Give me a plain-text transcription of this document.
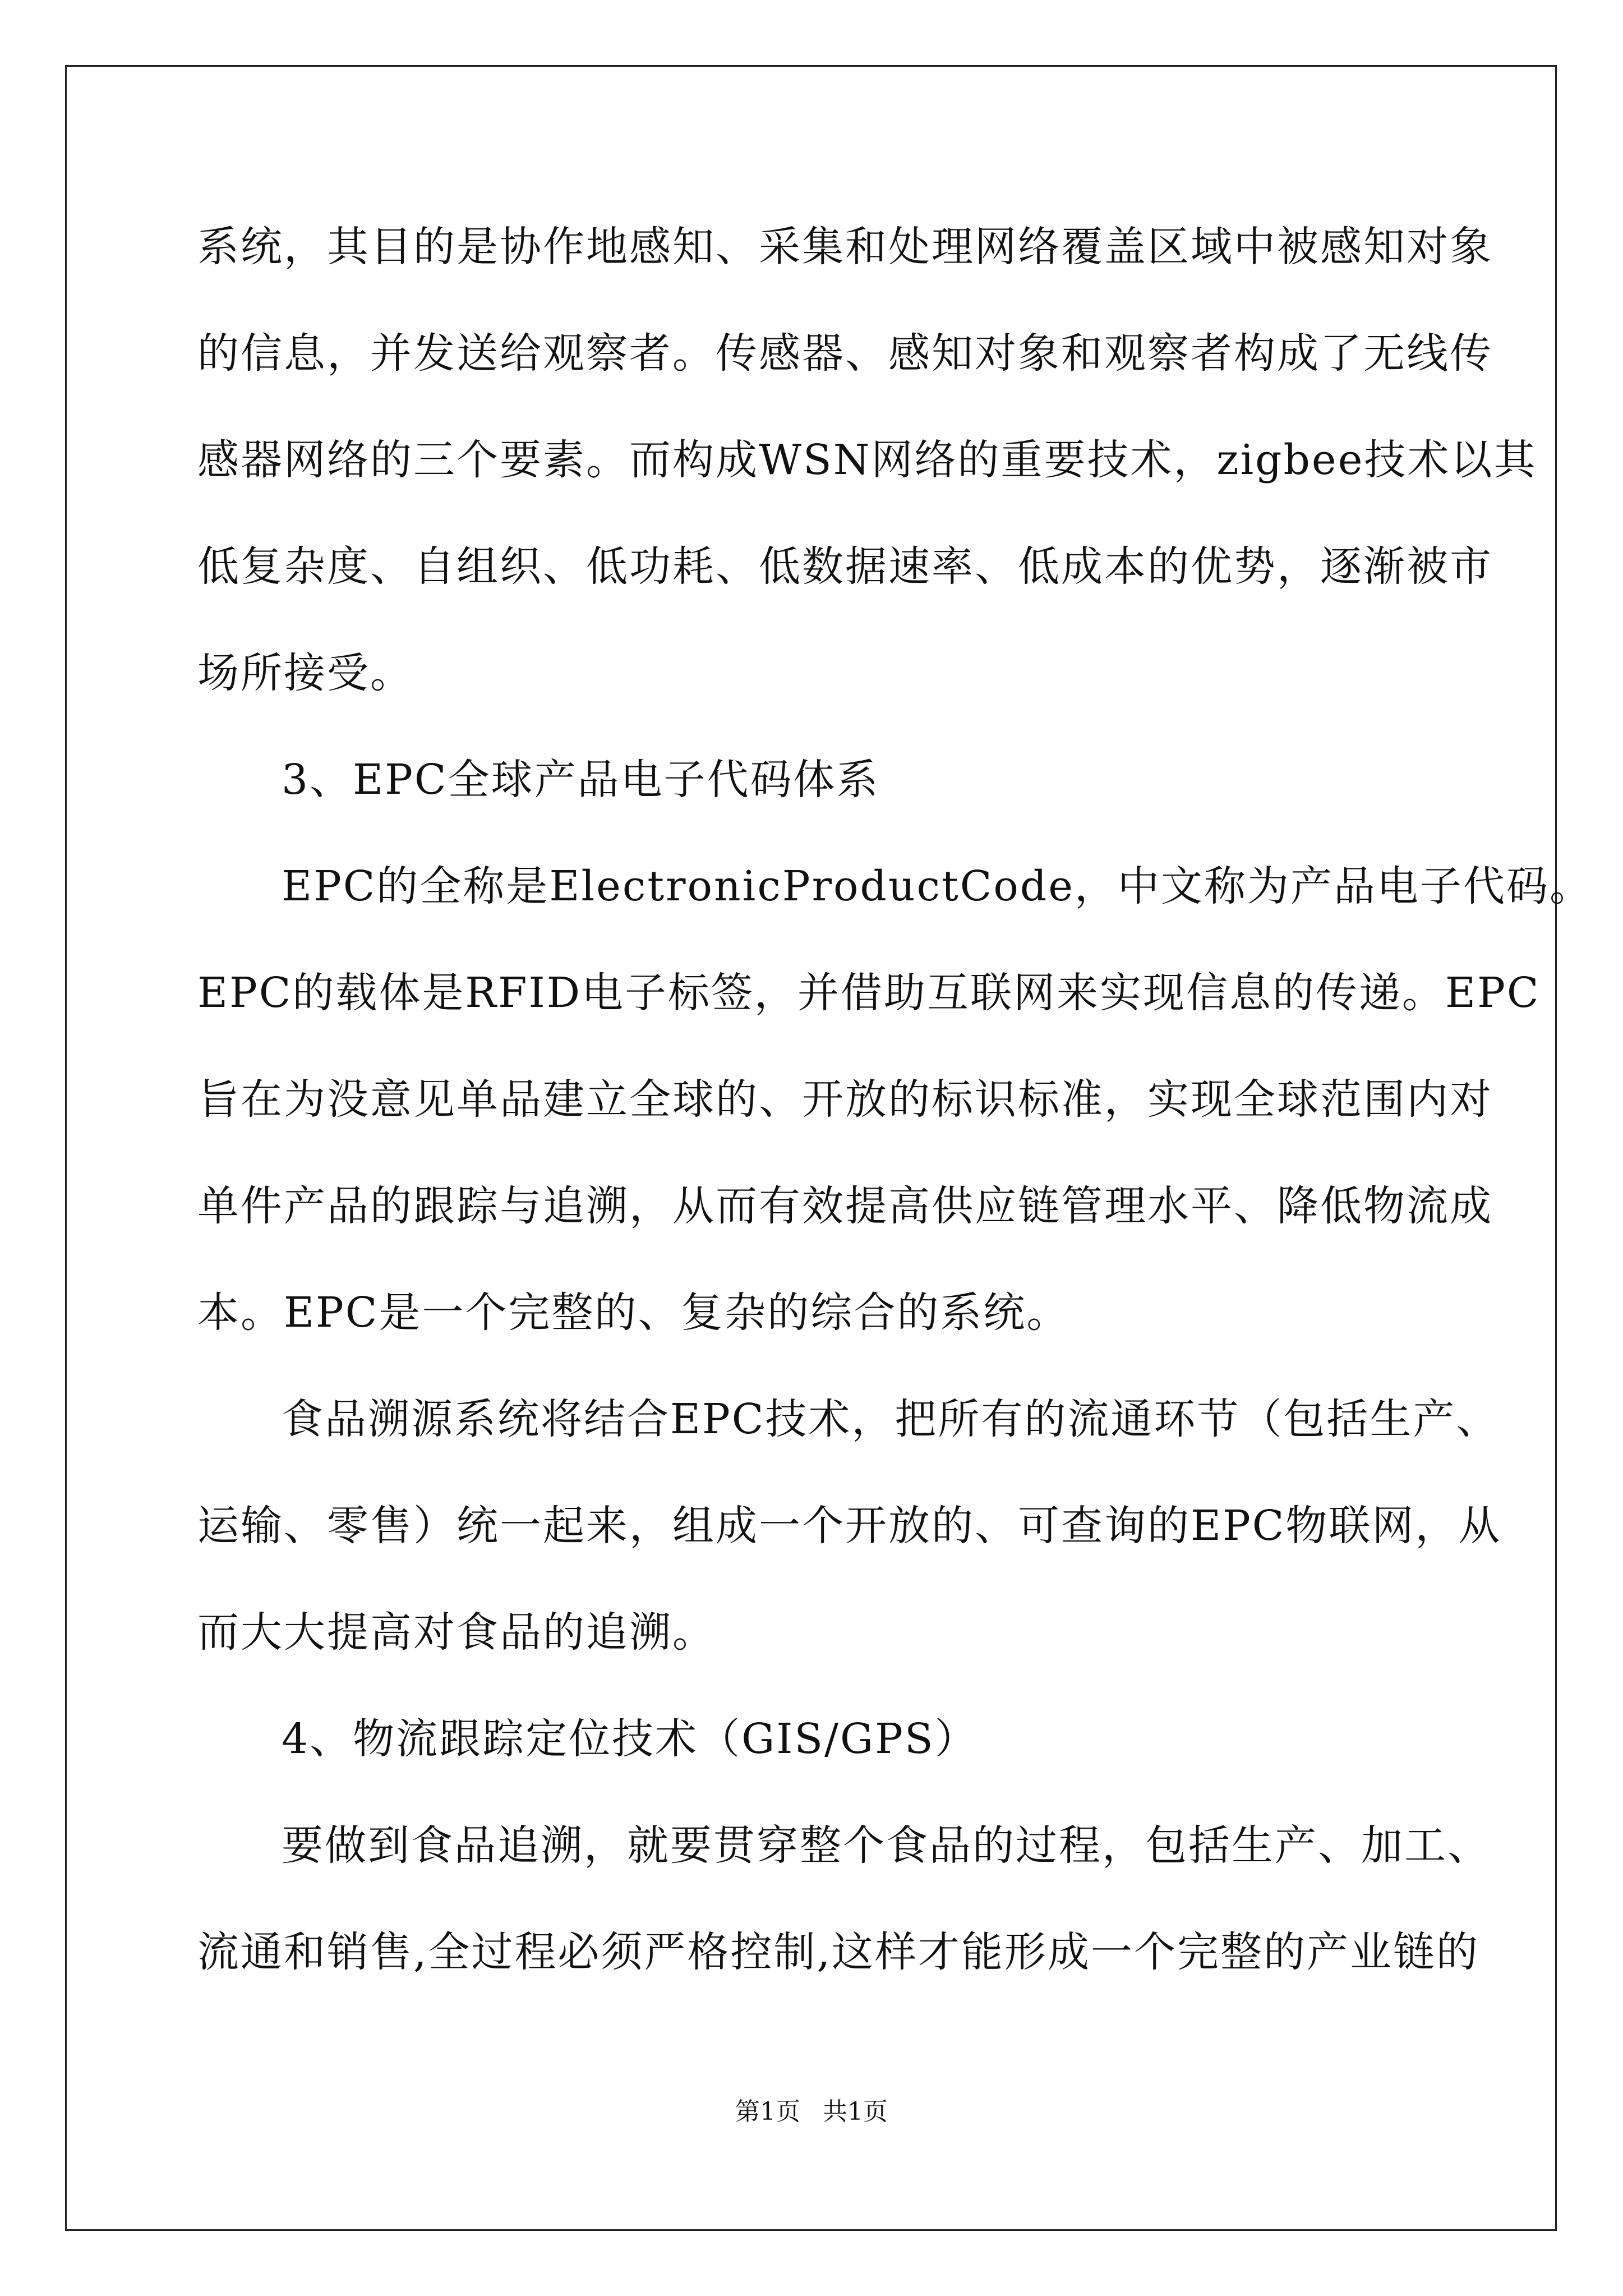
系统，其目的是协作地感知、采集和处理网络覆盖区域中被感知对象
的信息，并发送给观察者。传感器、感知对象和观察者构成了无线传
感器网络的三个要素。而构成WSN网络的重要技术，zigbee技术以其
低复杂度、自组织、低功耗、低数据速率、低成本的优势，逐渐被市
场所接受。
3、EPC全球产品电子代码体系
EPC的全称是ElectronicProductCode，中文称为产品电子代码。
EPC的载体是RFID电子标签，并借助互联网来实现信息的传递。EPC
旨在为没意见单品建立全球的、开放的标识标准，实现全球范围内对
单件产品的跟踪与追溯，从而有效提高供应链管理水平、降低物流成
本。EPC是一个完整的、复杂的综合的系统。
食品溯源系统将结合EPC技术，把所有的流通环节（包括生产、
运输、零售）统一起来，组成一个开放的、可查询的EPC物联网，从
而大大提高对食品的追溯。
4、物流跟踪定位技术（GIS/GPS）
要做到食品追溯，就要贯穿整个食品的过程，包括生产、加工、
流通和销售,全过程必须严格控制,这样才能形成一个完整的产业链的
第1页 共1页
